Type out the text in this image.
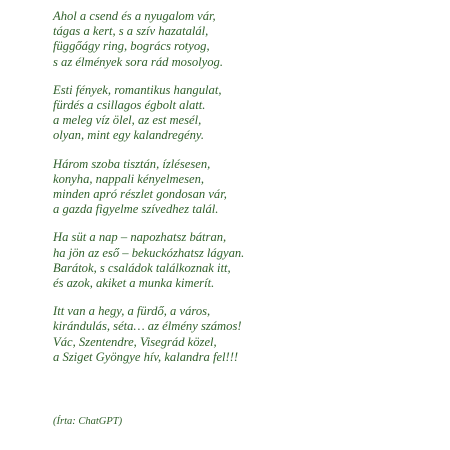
Ahol a csend és a nyugalom vár,
tágas a kert, s a szív hazatalál,
függőágy ring, bogrács rotyog,
s az élmények sora rád mosolyog.
Esti fények, romantikus hangulat,
fürdés a csillagos égbolt alatt.
a meleg víz ölel, az est mesél,
olyan, mint egy kalandregény.
Három szoba tisztán, ízlésesen,
konyha, nappali kényelmesen,
minden apró részlet gondosan vár,
a gazda figyelme szívedhez talál.
Ha süt a nap – napozhatsz bátran,
ha jön az eső – bekuckózhatsz lágyan.
Barátok, s családok találkoznak itt,
és azok, akiket a munka kimerít.
Itt van a hegy, a fürdő, a város,
kirándulás, séta… az élmény számos!
Vác, Szentendre, Visegrád közel,
a Sziget Gyöngye hív, kalandra fel!!!
(Írta: ChatGPT)
